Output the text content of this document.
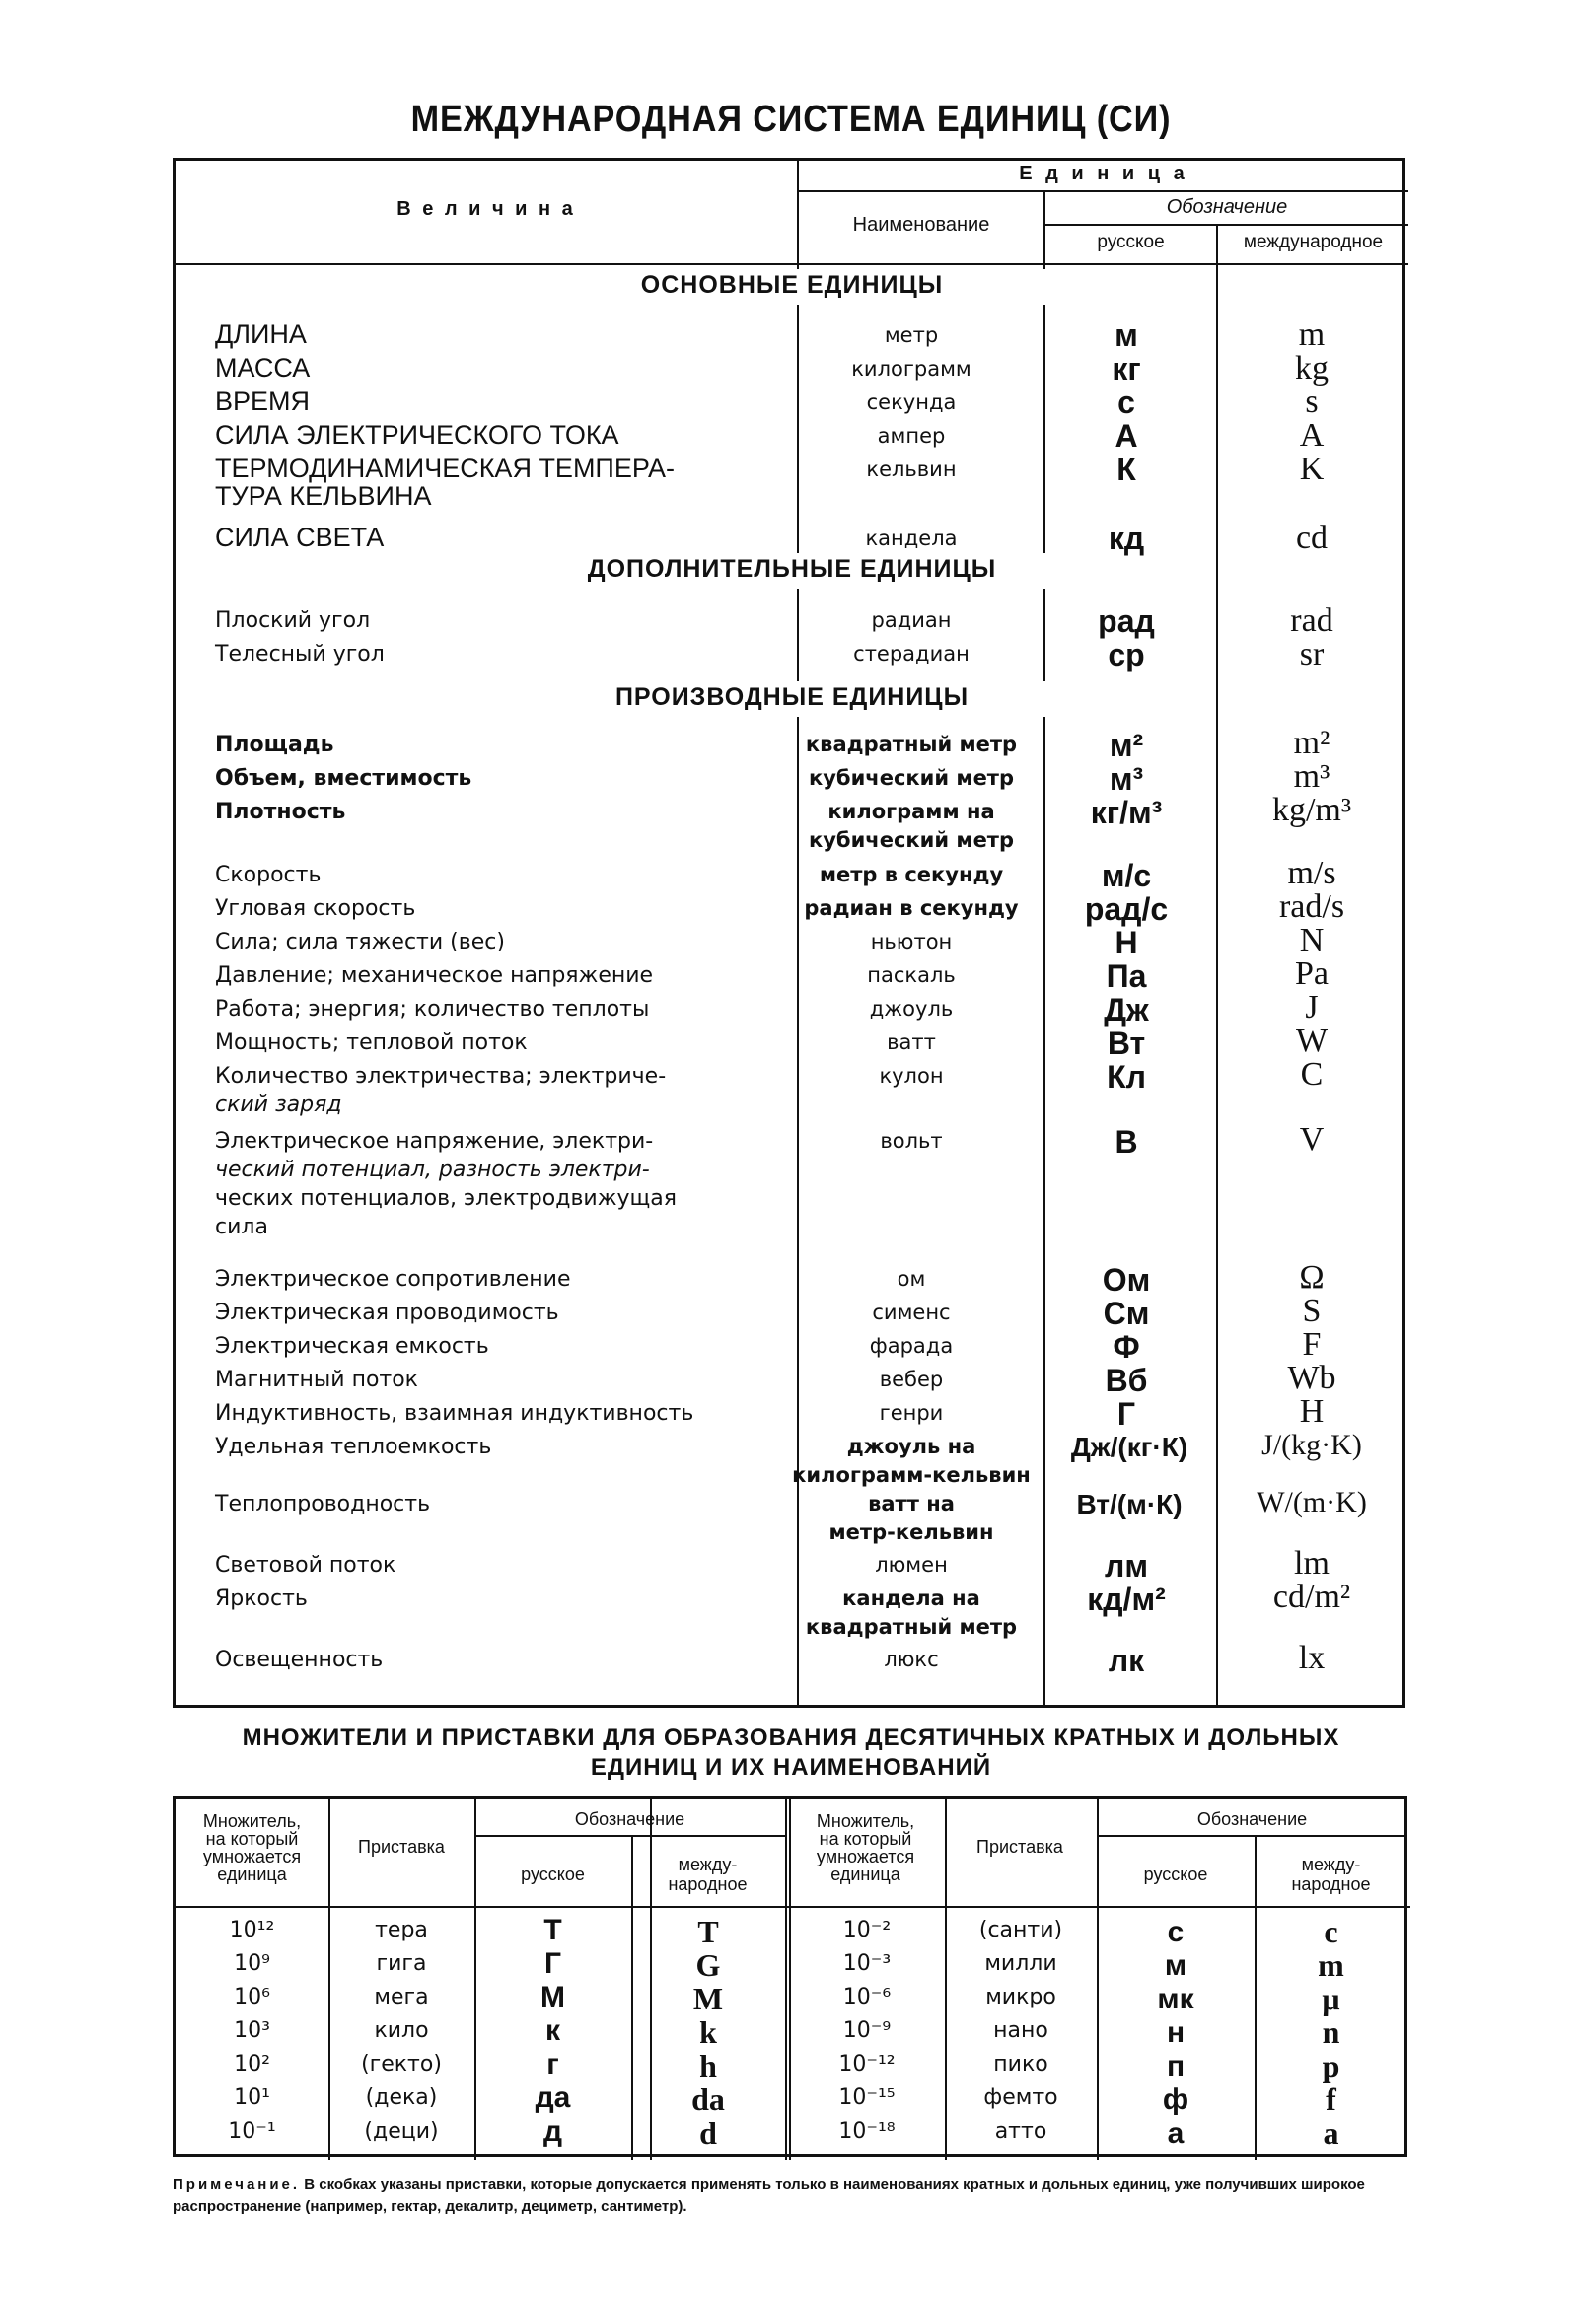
МЕЖДУНАРОДНАЯ СИСТЕМА ЕДИНИЦ (СИ)
В е л и ч и н а
Е д и н и ц а
Наименование
Обозначение
русское	международное
ОСНОВНЫЕ ЕДИНИЦЫ
ДОПОЛНИТЕЛЬНЫЕ ЕДИНИЦЫ
ПРОИЗВОДНЫЕ ЕДИНИЦЫ
ДЛИНА	метр	м	m
МАССА	килограмм	кг	kg
ВРЕМЯ	секунда	с	s
СИЛА ЭЛЕКТРИЧЕСКОГО ТОКА	ампер	А	A
ТЕРМОДИНАМИЧЕСКАЯ ТЕМПЕРА-
ТУРА КЕЛЬВИНА
кельвин	К	K
СИЛА СВЕТА	кандела	кд	cd
Плоский угол	радиан	рад	rad
Телесный угол	стерадиан	ср	sr
Площадь	квадратный метр	м²	m²
Объем, вместимость	кубический метр	м³	m³
Плотность	килограмм на
кубический метр
кг/м³	kg/m³
Скорость	метр в секунду	м/с	m/s
Угловая скорость	радиан в секунду	рад/с	rad/s
Сила; сила тяжести (вес)	ньютон	Н	N
Давление; механическое напряжение	паскаль	Па	Pa
Работа; энергия; количество теплоты	джоуль	Дж	J
Мощность; тепловой поток	ватт	Вт	W
Количество электричества; электриче-
ский заряд
кулон	Кл	C
Электрическое напряжение, электри-
ческий потенциал, разность электри-
ческих потенциалов, электродвижущая
сила
вольт	В	V
Электрическое сопротивление	ом	Ом	Ω
Электрическая проводимость	сименс	См	S
Электрическая емкость	фарада	Ф	F
Магнитный поток	вебер	Вб	Wb
Индуктивность, взаимная индуктивность	генри	Г	H
Удельная теплоемкость	джоуль на
килограмм-кельвин
Дж/(кг·К)	J/(kg·K)
Теплопроводность	ватт на
метр-кельвин
Вт/(м·К)	W/(m·K)
Световой поток	люмен	лм	lm
Яркость	кандела на
квадратный метр
кд/м²	cd/m²
Освещенность	люкс	лк	lx
МНОЖИТЕЛИ И ПРИСТАВКИ ДЛЯ ОБРАЗОВАНИЯ ДЕСЯТИЧНЫХ КРАТНЫХ И ДОЛЬНЫХ
ЕДИНИЦ И ИХ НАИМЕНОВАНИЙ
Множитель,
на который
умножается
единица
Приставка
Обозначение
русское	между-
народное
Множитель,
на который
умножается
единица
Приставка
Обозначение
русское	между-
народное
10¹²	тера	Т	T
10⁹	гига	Г	G
10⁶	мега	М	M
10³	кило	к	k
10²	(гекто)	г	h
10¹	(дека)	да	da
10⁻¹	(деци)	д	d
10⁻²	(санти)	с	c
10⁻³	милли	м	m
10⁻⁶	микро	мк	μ
10⁻⁹	нано	н	n
10⁻¹²	пико	п	p
10⁻¹⁵	фемто	ф	f
10⁻¹⁸	атто	а	a
Примечание. В скобках указаны приставки, которые допускается применять только в наименованиях кратных и дольных единиц, уже получивших широкое распространение (например, гектар, декалитр, дециметр, сантиметр).
